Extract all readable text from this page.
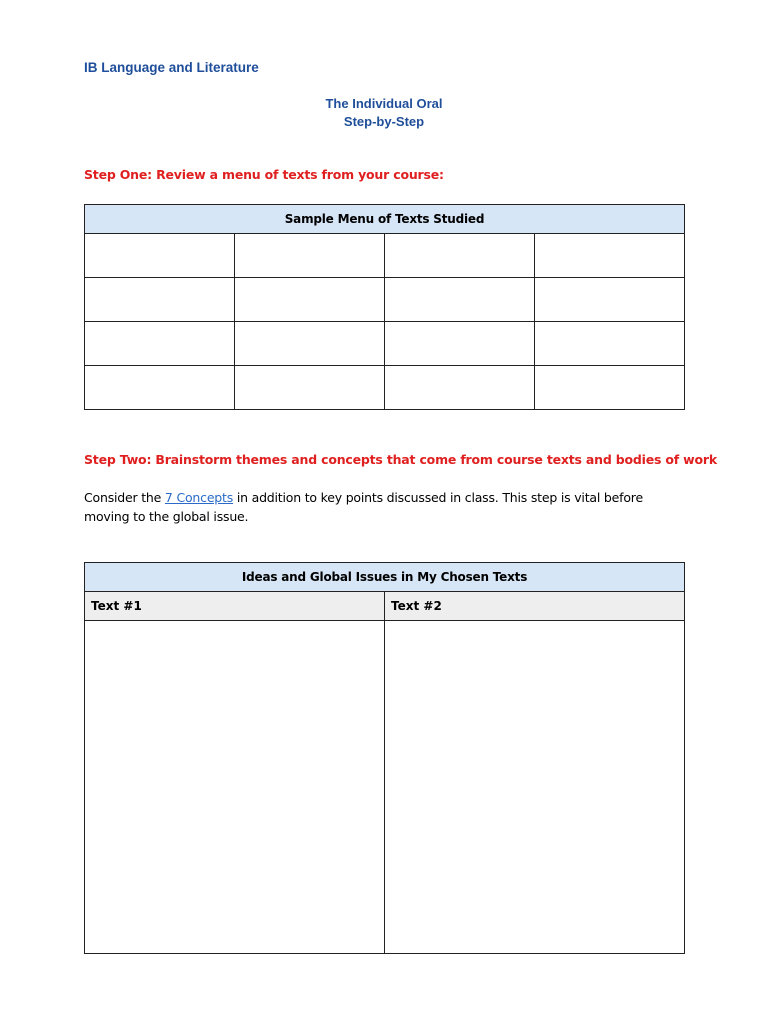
IB Language and Literature
The Individual Oral
Step-by-Step
Step One: Review a menu of texts from your course:
Sample Menu of Texts Studied			

Step Two: Brainstorm themes and concepts that come from course texts and bodies of work
Consider the 7 Concepts in addition to key points discussed in class. This step is vital before moving to the global issue.
Ideas and Global Issues in My Chosen Texts	
Text #1	Text #2
